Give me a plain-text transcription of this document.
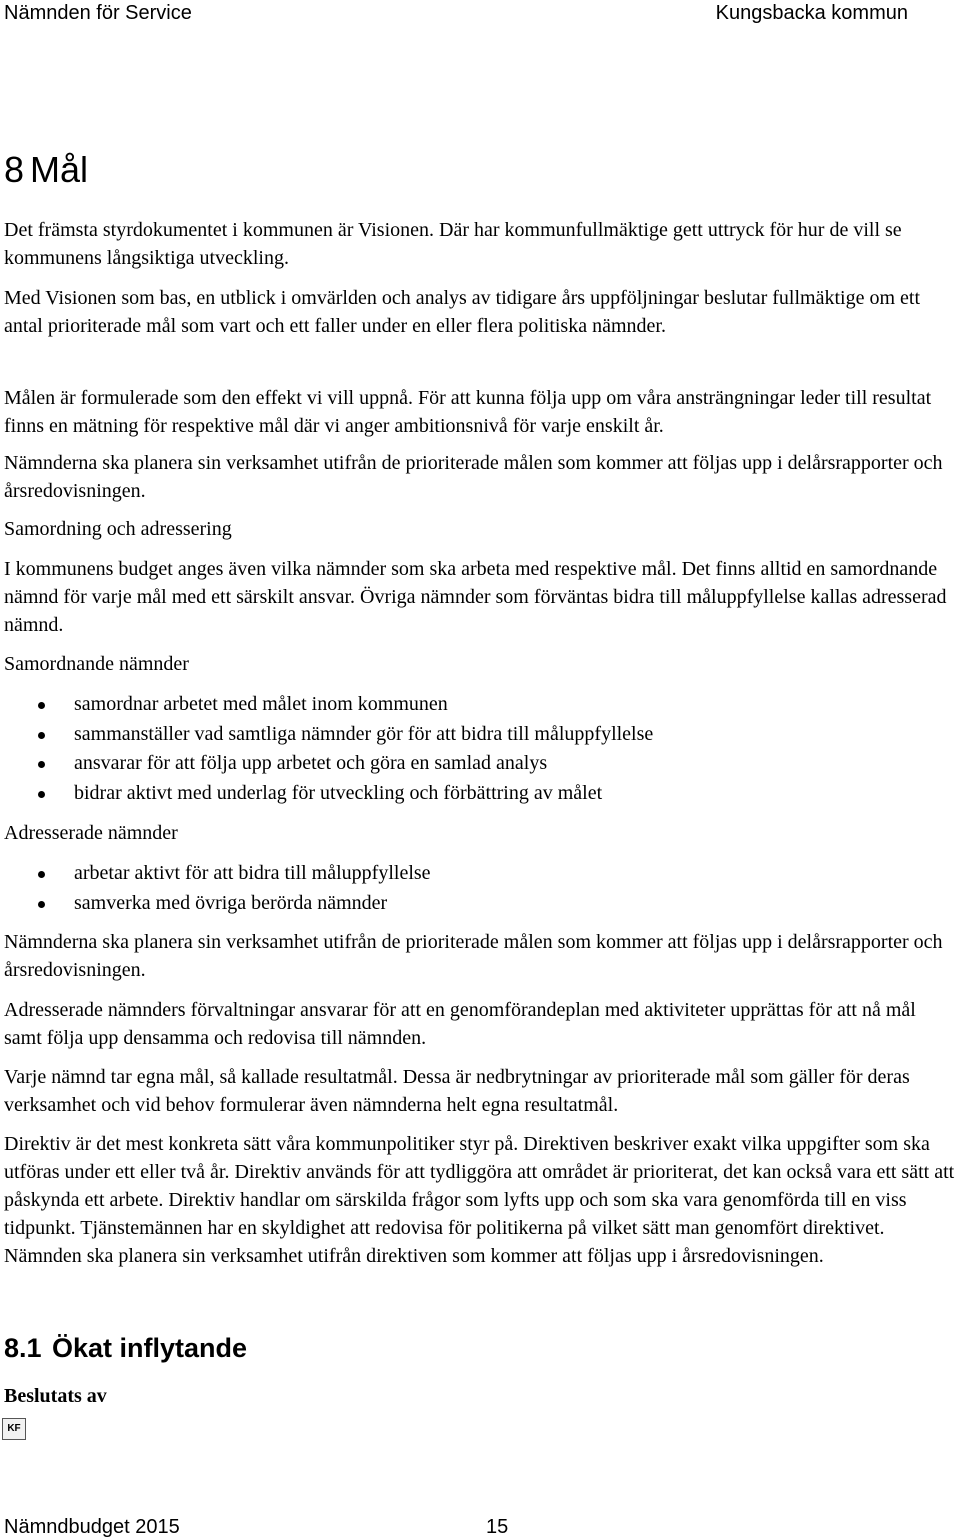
Nämnden för Service	Kungsbacka kommun
8 Mål

Det främsta styrdokumentet i kommunen är Visionen. Där har kommunfullmäktige gett uttryck för hur de vill se kommunens långsiktiga utveckling.

Med Visionen som bas, en utblick i omvärlden och analys av tidigare års uppföljningar beslutar fullmäktige om ett antal prioriterade mål som vart och ett faller under en eller flera politiska nämnder.

Målen är formulerade som den effekt vi vill uppnå. För att kunna följa upp om våra ansträngningar leder till resultat finns en mätning för respektive mål där vi anger ambitionsnivå för varje enskilt år.

Nämnderna ska planera sin verksamhet utifrån de prioriterade målen som kommer att följas upp i delårsrapporter och årsredovisningen.

Samordning och adressering

I kommunens budget anges även vilka nämnder som ska arbeta med respektive mål. Det finns alltid en samordnande nämnd för varje mål med ett särskilt ansvar. Övriga nämnder som förväntas bidra till måluppfyllelse kallas adresserad nämnd.

Samordnande nämnder

samordnar arbetet med målet inom kommunen
sammanställer vad samtliga nämnder gör för att bidra till måluppfyllelse
ansvarar för att följa upp arbetet och göra en samlad analys
bidrar aktivt med underlag för utveckling och förbättring av målet

Adresserade nämnder

arbetar aktivt för att bidra till måluppfyllelse
samverka med övriga berörda nämnder

Nämnderna ska planera sin verksamhet utifrån de prioriterade målen som kommer att följas upp i delårsrapporter och årsredovisningen.

Adresserade nämnders förvaltningar ansvarar för att en genomförandeplan med aktiviteter upprättas för att nå mål samt följa upp densamma och redovisa till nämnden.

Varje nämnd tar egna mål, så kallade resultatmål. Dessa är nedbrytningar av prioriterade mål som gäller för deras verksamhet och vid behov formulerar även nämnderna helt egna resultatmål.

Direktiv är det mest konkreta sätt våra kommunpolitiker styr på. Direktiven beskriver exakt vilka uppgifter som ska utföras under ett eller två år. Direktiv används för att tydliggöra att området är prioriterat, det kan också vara ett sätt att påskynda ett arbete. Direktiv handlar om särskilda frågor som lyfts upp och som ska vara genomförda till en viss tidpunkt. Tjänstemännen har en skyldighet att redovisa för politikerna på vilket sätt man genomfört direktivet. Nämnden ska planera sin verksamhet utifrån direktiven som kommer att följas upp i årsredovisningen.

8.1 Ökat inflytande

Beslutats av

KF
Nämndbudget 2015	15
